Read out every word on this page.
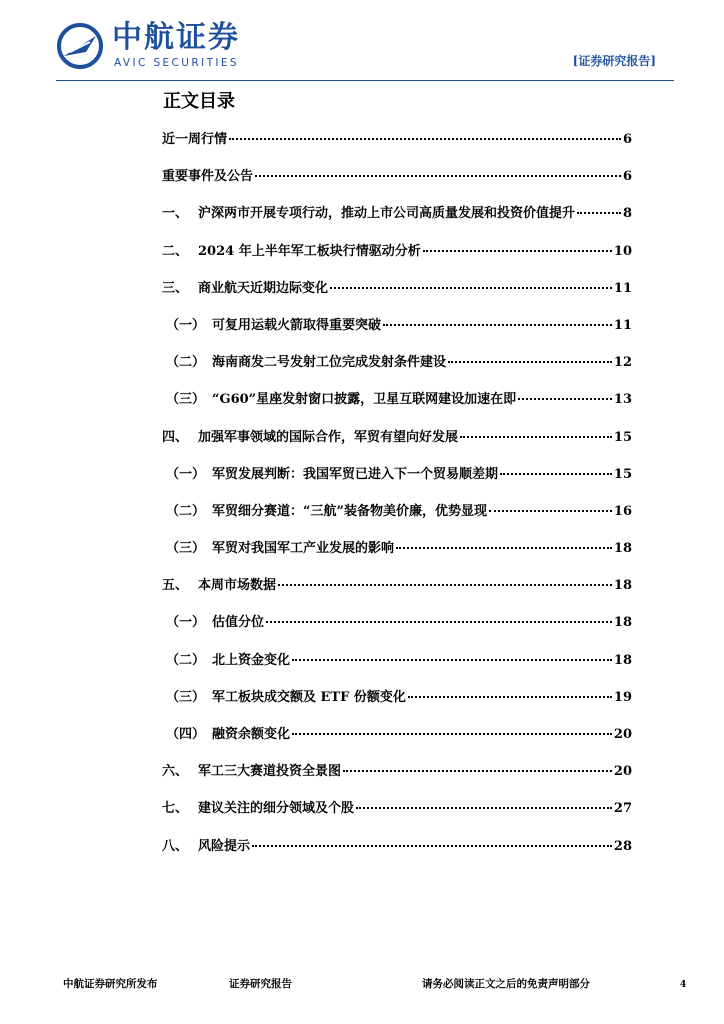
中航证券
AVIC SECURITIES	[证券研究报告]
正文目录
近一周行情	6
重要事件及公告	6
一、 沪深两市开展专项行动，推动上市公司高质量发展和投资价值提升	8
二、 2024 年上半年军工板块行情驱动分析	10
三、 商业航天近期边际变化	11
（一） 可复用运载火箭取得重要突破	11
（二） 海南商发二号发射工位完成发射条件建设	12
（三） “G60”星座发射窗口披露，卫星互联网建设加速在即	13
四、 加强军事领域的国际合作，军贸有望向好发展	15
（一） 军贸发展判断：我国军贸已进入下一个贸易顺差期	15
（二） 军贸细分赛道：“三航”装备物美价廉，优势显现	16
（三） 军贸对我国军工产业发展的影响	18
五、 本周市场数据	18
（一） 估值分位	18
（二） 北上资金变化	18
（三） 军工板块成交额及 ETF 份额变化	19
（四） 融资余额变化	20
六、 军工三大赛道投资全景图	20
七、 建议关注的细分领域及个股	27
八、 风险提示	28
中航证券研究所发布	证券研究报告	请务必阅读正文之后的免责声明部分	4
